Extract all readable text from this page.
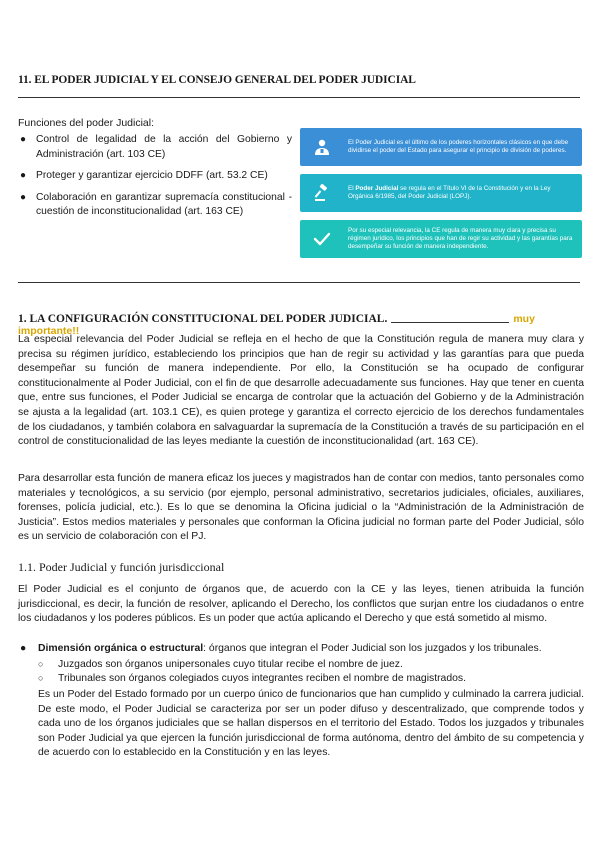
11. EL PODER JUDICIAL Y EL CONSEJO GENERAL DEL PODER JUDICIAL
Funciones del poder Judicial:
● Control de legalidad de la acción del Gobierno y Administración (art. 103 CE)
● Proteger y garantizar ejercicio DDFF (art. 53.2 CE)
● Colaboración en garantizar supremacía constitucional - cuestión de inconstitucionalidad (art. 163 CE)
El Poder Judicial es el último de los poderes horizontales clásicos en que debe dividirse el poder del Estado para asegurar el principio de división de poderes.
El Poder Judicial se regula en el Título VI de la Constitución y en la Ley Orgánica 6/1985, del Poder Judicial (LOPJ).
Por su especial relevancia, la CE regula de manera muy clara y precisa su régimen jurídico, los principios que han de regir su actividad y las garantías para desempeñar su función de manera independiente.
1. LA CONFIGURACIÓN CONSTITUCIONAL DEL PODER JUDICIAL.	muy importante!!

La especial relevancia del Poder Judicial se refleja en el hecho de que la Constitución regula de manera muy clara y precisa su régimen jurídico, estableciendo los principios que han de regir su actividad y las garantías para que pueda desempeñar su función de manera independiente. Por ello, la Constitución se ha ocupado de configurar constitucionalmente al Poder Judicial, con el fin de que desarrolle adecuadamente sus funciones. Hay que tener en cuenta que, entre sus funciones, el Poder Judicial se encarga de controlar que la actuación del Gobierno y de la Administración se ajusta a la legalidad (art. 103.1 CE), es quien protege y garantiza el correcto ejercicio de los derechos fundamentales de los ciudadanos, y también colabora en salvaguardar la supremacía de la Constitución a través de su participación en el control de constitucionalidad de las leyes mediante la cuestión de inconstitucionalidad (art. 163 CE).

Para desarrollar esta función de manera eficaz los jueces y magistrados han de contar con medios, tanto personales como materiales y tecnológicos, a su servicio (por ejemplo, personal administrativo, secretarios judiciales, oficiales, auxiliares, forenses, policía judicial, etc.). Es lo que se denomina la Oficina judicial o la “Administración de la Administración de Justicia”. Estos medios materiales y personales que conforman la Oficina judicial no forman parte del Poder Judicial, sólo es un servicio de colaboración con el PJ.

1.1. Poder Judicial y función jurisdiccional

El Poder Judicial es el conjunto de órganos que, de acuerdo con la CE y las leyes, tienen atribuida la función jurisdiccional, es decir, la función de resolver, aplicando el Derecho, los conflictos que surjan entre los ciudadanos o entre los ciudadanos y los poderes públicos. Es un poder que actúa aplicando el Derecho y que está sometido al mismo.

●	Dimensión orgánica o estructural: órganos que integran el Poder Judicial son los juzgados y los tribunales.
○ Juzgados son órganos unipersonales cuyo titular recibe el nombre de juez.
○ Tribunales son órganos colegiados cuyos integrantes reciben el nombre de magistrados.

Es un Poder del Estado formado por un cuerpo único de funcionarios que han cumplido y culminado la carrera judicial. De este modo, el Poder Judicial se caracteriza por ser un poder difuso y descentralizado, que comprende todos y cada uno de los órganos judiciales que se hallan dispersos en el territorio del Estado. Todos los juzgados y tribunales son Poder Judicial ya que ejercen la función jurisdiccional de forma autónoma, dentro del ámbito de su competencia y de acuerdo con lo establecido en la Constitución y en las leyes.
